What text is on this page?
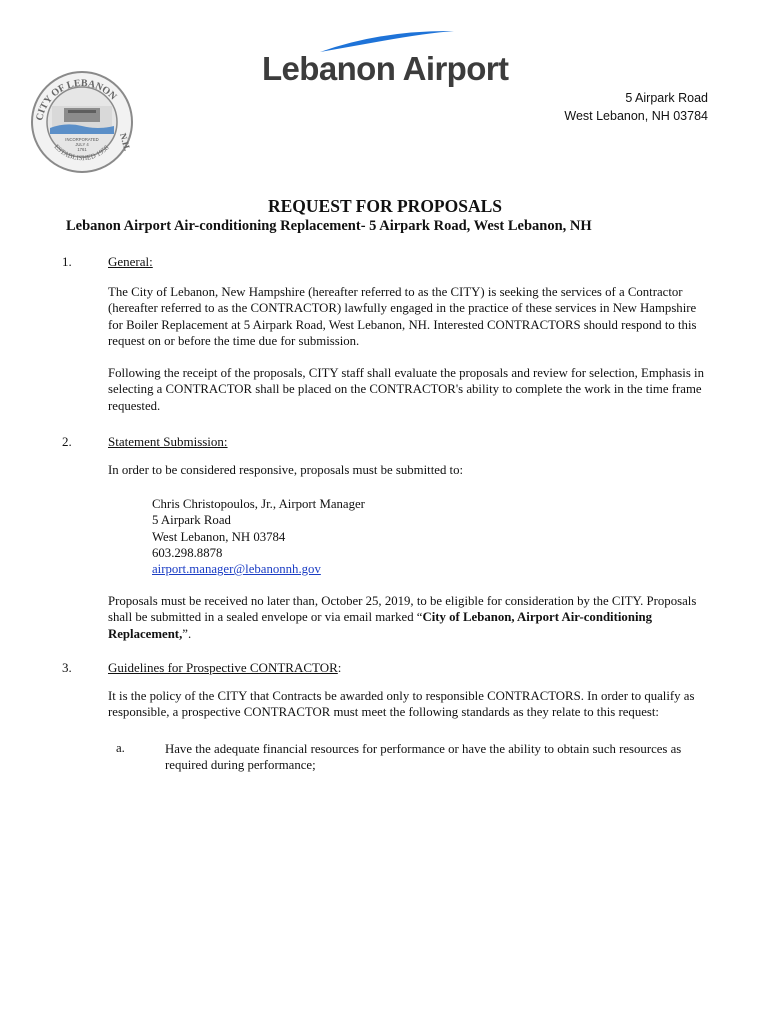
CITY OF LEBANON
ESTABLISHED 1958 N.H.
INCORPORATED
JULY 4
1761
Lebanon Airport
5 Airpark Road
West Lebanon, NH 03784
REQUEST FOR PROPOSALS
Lebanon Airport Air-conditioning Replacement- 5 Airpark Road, West Lebanon, NH
1.	General:

The City of Lebanon, New Hampshire (hereafter referred to as the CITY) is seeking the services of a Contractor (hereafter referred to as the CONTRACTOR) lawfully engaged in the practice of these services in New Hampshire for Boiler Replacement at 5 Airpark Road, West Lebanon, NH. Interested CONTRACTORS should respond to this request on or before the time due for submission.

Following the receipt of the proposals, CITY staff shall evaluate the proposals and review for selection, Emphasis in selecting a CONTRACTOR shall be placed on the CONTRACTOR's ability to complete the work in the time frame requested.

2.	Statement Submission:

In order to be considered responsive, proposals must be submitted to:

Chris Christopoulos, Jr., Airport Manager
5 Airpark Road
West Lebanon, NH 03784
603.298.8878
airport.manager@lebanonnh.gov

Proposals must be received no later than, October 25, 2019, to be eligible for consideration by the CITY. Proposals shall be submitted in a sealed envelope or via email marked “City of Lebanon, Airport Air-conditioning Replacement,”.

3.	Guidelines for Prospective CONTRACTOR:

It is the policy of the CITY that Contracts be awarded only to responsible CONTRACTORS. In order to qualify as responsible, a prospective CONTRACTOR must meet the following standards as they relate to this request:

a.	Have the adequate financial resources for performance or have the ability to obtain such resources as required during performance;
